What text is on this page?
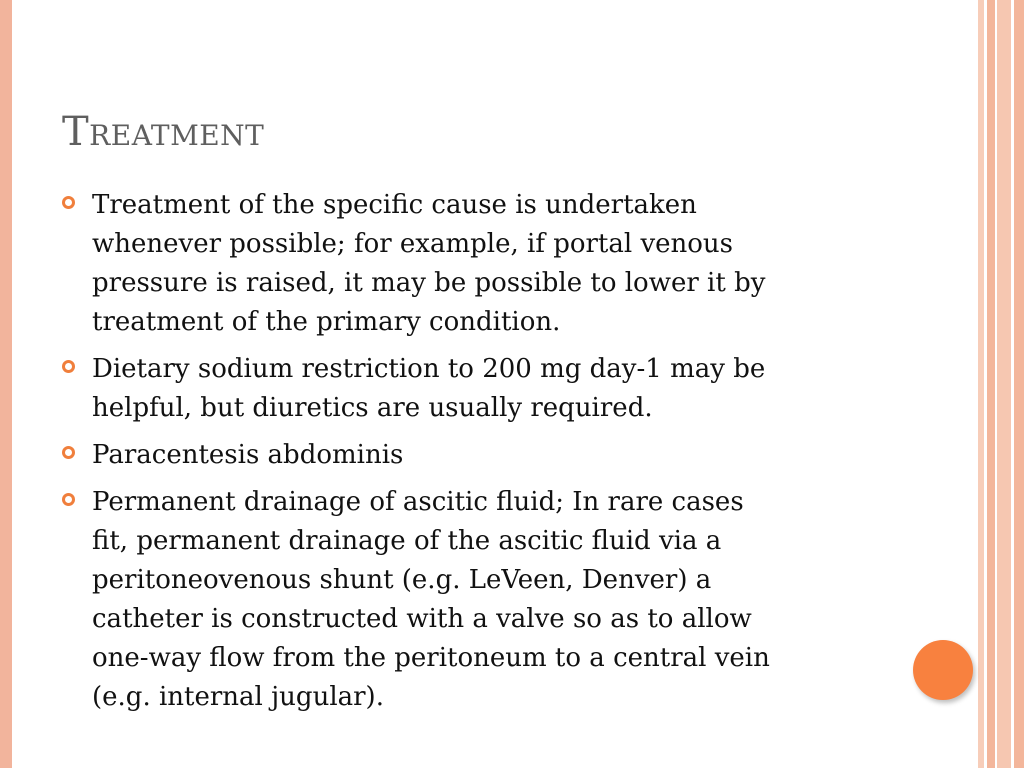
Treatment
Treatment of the specific cause is undertaken
whenever possible; for example, if portal venous
pressure is raised, it may be possible to lower it by
treatment of the primary condition.
Dietary sodium restriction to 200 mg day-1 may be
helpful, but diuretics are usually required.
Paracentesis abdominis
Permanent drainage of ascitic fluid; In rare cases
fit, permanent drainage of the ascitic fluid via a
peritoneovenous shunt (e.g. LeVeen, Denver) a
catheter is constructed with a valve so as to allow
one-way flow from the peritoneum to a central vein
(e.g. internal jugular).
